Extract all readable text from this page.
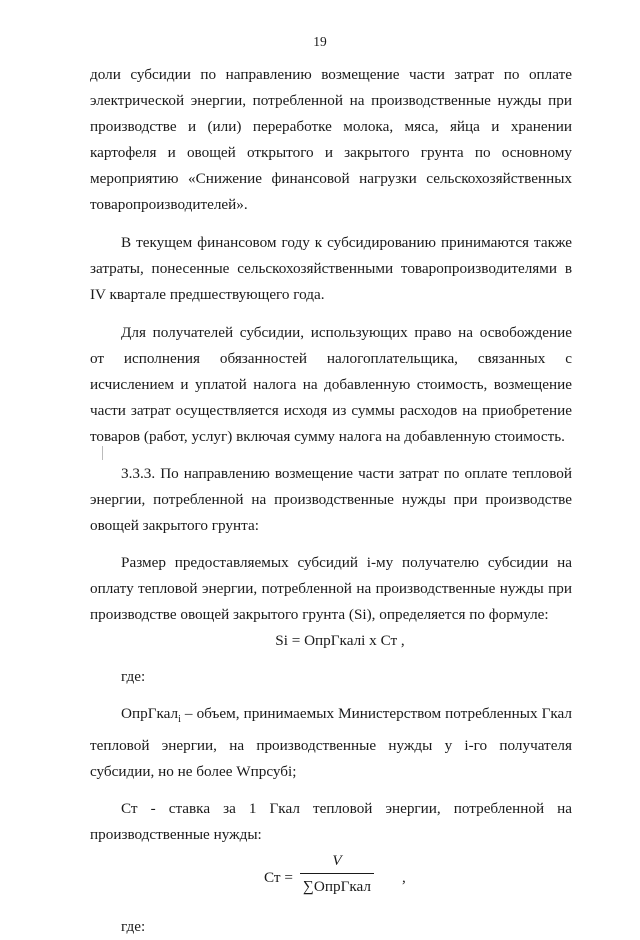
19

доли субсидии по направлению возмещение части затрат по оплате электрической энергии, потребленной на производственные нужды при производстве и (или) переработке молока, мяса, яйца и хранении картофеля и овощей открытого и закрытого грунта по основному мероприятию «Снижение финансовой нагрузки сельскохозяйственных товаропроизводителей».

В текущем финансовом году к субсидированию принимаются также затраты, понесенные сельскохозяйственными товаропроизводителями в IV квартале предшествующего года.

Для получателей субсидии, использующих право на освобождение от исполнения обязанностей налогоплательщика, связанных с исчислением и уплатой налога на добавленную стоимость, возмещение части затрат осуществляется исходя из суммы расходов на приобретение товаров (работ, услуг) включая сумму налога на добавленную стоимость.

3.3.3. По направлению возмещение части затрат по оплате тепловой энергии, потребленной на производственные нужды при производстве овощей закрытого грунта:

Размер предоставляемых субсидий i-му получателю субсидии на оплату тепловой энергии, потребленной на производственные нужды при производстве овощей закрытого грунта (Si), определяется по формуле:

Si = ОпрГкалi x Ст ,

где:

ОпрГкал$_i$ – объем, принимаемых Министерством потребленных Гкал тепловой энергии, на производственные нужды у i-го получателя субсидии, но не более Wпрсубi;

Ст - ставка за 1 Гкал тепловой энергии, потребленной на производственные нужды:

Ст =
V
∑ОпрГкал
,

где:
